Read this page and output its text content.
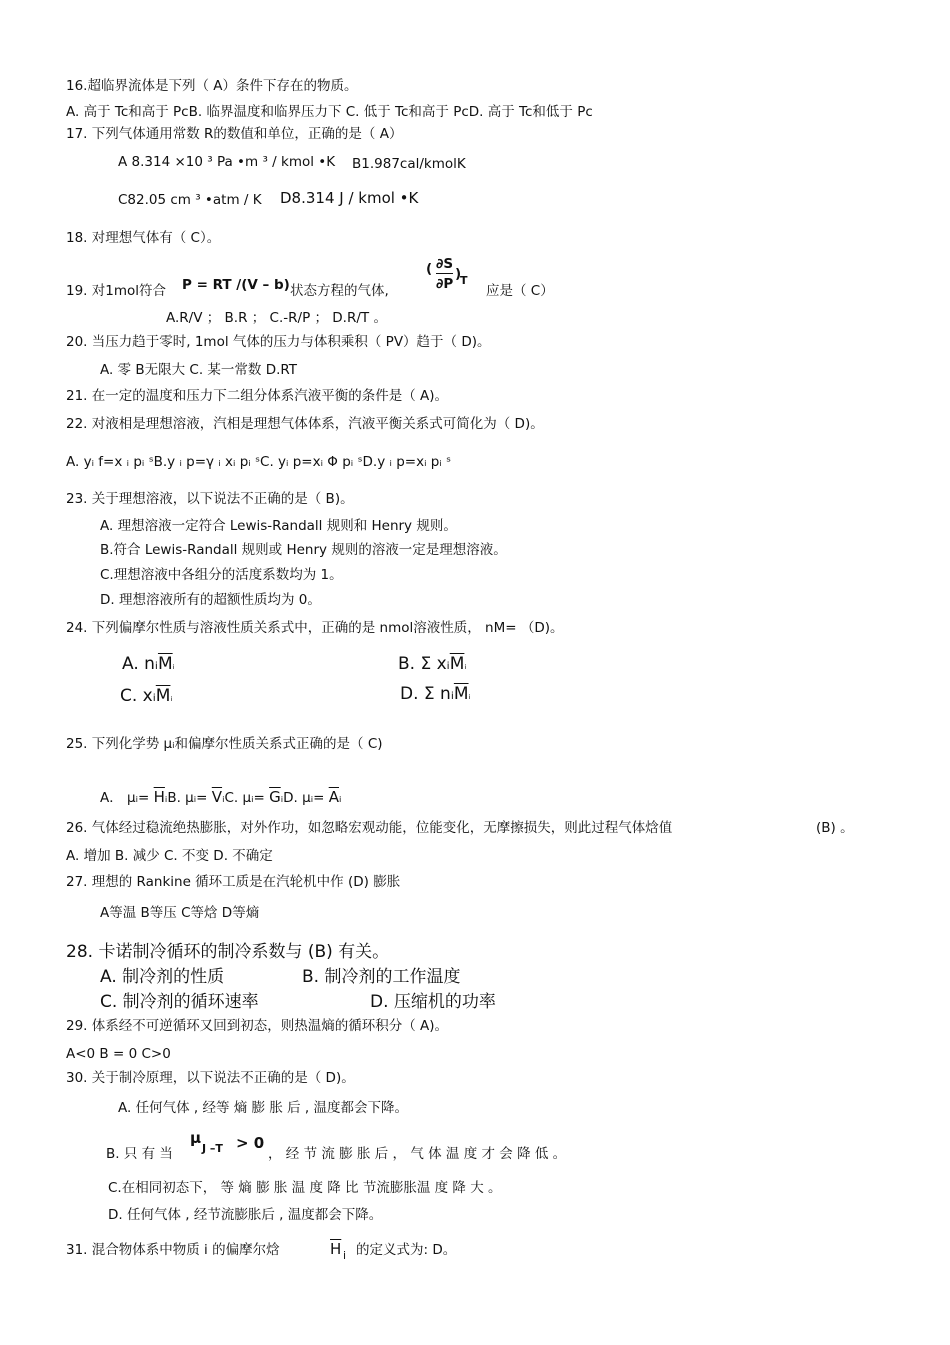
16.超临界流体是下列（ A）条件下存在的物质。
A. 高于 Tc和高于 PcB. 临界温度和临界压力下 C. 低于 Tc和高于 PcD. 高于 Tc和低于 Pc
17. 下列气体通用常数 R的数值和单位，正确的是（ A）
A 8.314 ×10 ³ Pa •m ³ / kmol •K B1.987cal/kmolK
C82.05 cm ³ •atm / K D8.314 J / kmol •K
18. 对理想气体有（ C）。
19. 对1mol符合 P = RT /(V – b) 状态方程的气体,
( ∂S
∂P
)
T
应是（ C）
A.R/V ； B.R ； C.-R/P ； D.R/T 。
20. 当压力趋于零时, 1mol 气体的压力与体积乘积（ PV）趋于（ D)。
A. 零 B无限大 C. 某一常数 D.RT
21. 在一定的温度和压力下二组分体系汽液平衡的条件是（ A)。
22. 对液相是理想溶液，汽相是理想气体体系，汽液平衡关系式可简化为（ D)。
A. yᵢ f=x ᵢ pᵢ ˢB.y ᵢ p=γ ᵢ xᵢ pᵢ ˢC. yᵢ p=xᵢ Φ pᵢ ˢD.y ᵢ p=xᵢ pᵢ ˢ
23. 关于理想溶液，以下说法不正确的是（ B)。
A. 理想溶液一定符合 Lewis-Randall 规则和 Henry 规则。
B.符合 Lewis-Randall 规则或 Henry 规则的溶液一定是理想溶液。
C.理想溶液中各组分的活度系数均为 1。
D. 理想溶液所有的超额性质均为 0。
24. 下列偏摩尔性质与溶液性质关系式中，正确的是 nmol溶液性质， nM= （D)。
A. $nᵢ\overline{M}ᵢ$	B. Σ $xᵢ\overline{M}ᵢ$
C. $xᵢ\overline{M}ᵢ$	D. Σ $nᵢ\overline{M}ᵢ$
25. 下列化学势 μᵢ和偏摩尔性质关系式正确的是（ C)
A． μᵢ= $\overline{H}ᵢB$. μᵢ= $\overline{V}ᵢC$. μᵢ= $\overline{G}ᵢD$. μᵢ= $\overline{A}ᵢ$
26. 气体经过稳流绝热膨胀，对外作功，如忽略宏观动能，位能变化，无摩擦损失，则此过程气体焓值	(B) 。
A. 增加 B. 减少 C. 不变 D. 不确定
27. 理想的 Rankine 循环工质是在汽轮机中作 (D) 膨胀
A等温 B等压 C等焓 D等熵
28. 卡诺制冷循环的制冷系数与 (B) 有关。
A. 制冷剂的性质	B. 制冷剂的工作温度
C. 制冷剂的循环速率	D. 压缩机的功率
29. 体系经不可逆循环又回到初态，则热温熵的循环积分（ A)。
A<0 B = 0 C>0
30. 关于制冷原理，以下说法不正确的是（ D)。
A. 任何气体 , 经等 熵 膨 胀 后 , 温度都会下降。
B. 只 有 当
μ
J –T > 0
， 经 节 流 膨 胀 后 ， 气 体 温 度 才 会 降 低 。
C.在相同初态下， 等 熵 膨 胀 温 度 降 比 节流膨胀温 度 降 大 。
D. 任何气体 , 经节流膨胀后 , 温度都会下降。
31. 混合物体系中物质 i 的偏摩尔焓	$\overline{H}$ i 的定义式为: D。
